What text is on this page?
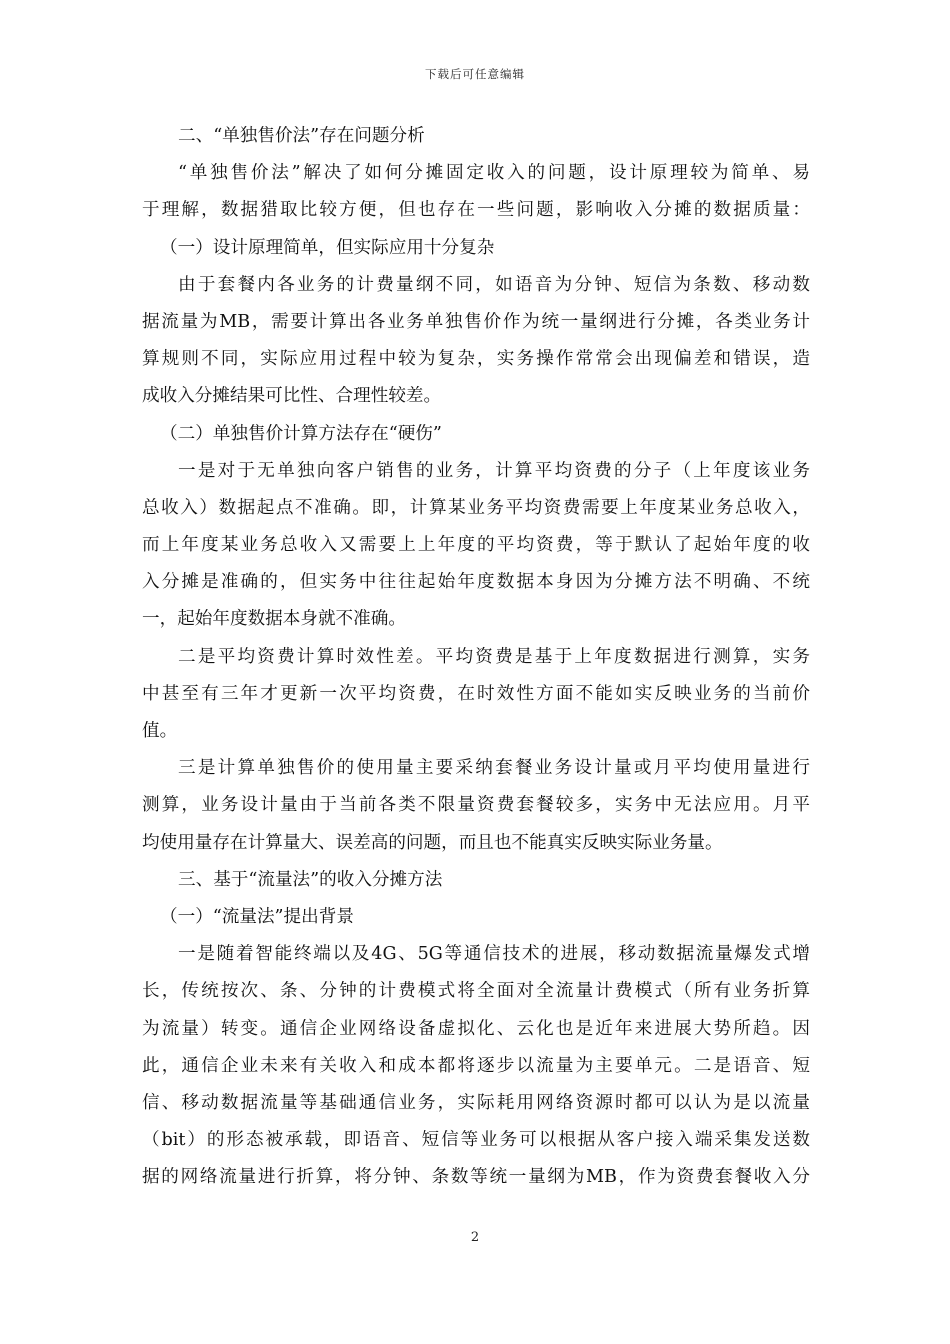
下载后可任意编辑
二、“单独售价法”存在问题分析
“单独售价法”解决了如何分摊固定收入的问题，设计原理较为简单、易
于理解，数据猎取比较方便，但也存在一些问题，影响收入分摊的数据质量：
（一）设计原理简单，但实际应用十分复杂
由于套餐内各业务的计费量纲不同，如语音为分钟、短信为条数、移动数
据流量为MB，需要计算出各业务单独售价作为统一量纲进行分摊，各类业务计
算规则不同，实际应用过程中较为复杂，实务操作常常会出现偏差和错误，造
成收入分摊结果可比性、合理性较差。
（二）单独售价计算方法存在“硬伤”
一是对于无单独向客户销售的业务，计算平均资费的分子（上年度该业务
总收入）数据起点不准确。即，计算某业务平均资费需要上年度某业务总收入，
而上年度某业务总收入又需要上上年度的平均资费，等于默认了起始年度的收
入分摊是准确的，但实务中往往起始年度数据本身因为分摊方法不明确、不统
一，起始年度数据本身就不准确。
二是平均资费计算时效性差。平均资费是基于上年度数据进行测算，实务
中甚至有三年才更新一次平均资费，在时效性方面不能如实反映业务的当前价
值。
三是计算单独售价的使用量主要采纳套餐业务设计量或月平均使用量进行
测算，业务设计量由于当前各类不限量资费套餐较多，实务中无法应用。月平
均使用量存在计算量大、误差高的问题，而且也不能真实反映实际业务量。
三、基于“流量法”的收入分摊方法
（一）“流量法”提出背景
一是随着智能终端以及4G、5G等通信技术的进展，移动数据流量爆发式增
长，传统按次、条、分钟的计费模式将全面对全流量计费模式（所有业务折算
为流量）转变。通信企业网络设备虚拟化、云化也是近年来进展大势所趋。因
此，通信企业未来有关收入和成本都将逐步以流量为主要单元。二是语音、短
信、移动数据流量等基础通信业务，实际耗用网络资源时都可以认为是以流量
（bit）的形态被承载，即语音、短信等业务可以根据从客户接入端采集发送数
据的网络流量进行折算，将分钟、条数等统一量纲为MB，作为资费套餐收入分
2
